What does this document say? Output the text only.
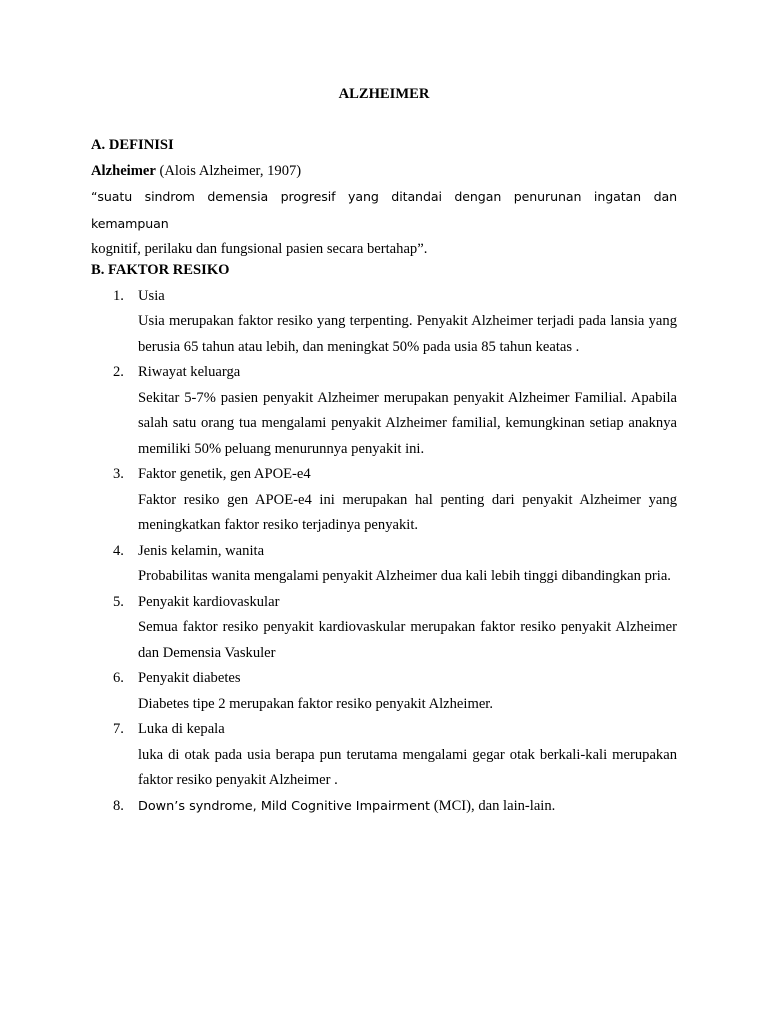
ALZHEIMER
A. DEFINISI
Alzheimer (Alois Alzheimer, 1907)
“suatu sindrom demensia progresif yang ditandai dengan penurunan ingatan dan kemampuan
kognitif, perilaku dan fungsional pasien secara bertahap”.
B. FAKTOR RESIKO
1. Usia
Usia merupakan faktor resiko yang terpenting. Penyakit Alzheimer terjadi pada lansia yang berusia 65 tahun atau lebih, dan meningkat 50% pada usia 85 tahun keatas .
2. Riwayat keluarga
Sekitar 5-7% pasien penyakit Alzheimer merupakan penyakit Alzheimer Familial. Apabila salah satu orang tua mengalami penyakit Alzheimer familial, kemungkinan setiap anaknya memiliki 50% peluang menurunnya penyakit ini.
3. Faktor genetik, gen APOE-e4
Faktor resiko gen APOE-e4 ini merupakan hal penting dari penyakit Alzheimer yang meningkatkan faktor resiko terjadinya penyakit.
4. Jenis kelamin, wanita
Probabilitas wanita mengalami penyakit Alzheimer dua kali lebih tinggi dibandingkan pria.
5. Penyakit kardiovaskular
Semua faktor resiko penyakit kardiovaskular merupakan faktor resiko penyakit Alzheimer dan Demensia Vaskuler
6. Penyakit diabetes
Diabetes tipe 2 merupakan faktor resiko penyakit Alzheimer.
7. Luka di kepala
luka di otak pada usia berapa pun terutama mengalami gegar otak berkali-kali merupakan faktor resiko penyakit Alzheimer .
8.	Down’s syndrome, Mild Cognitive Impairment (MCI), dan lain-lain.
